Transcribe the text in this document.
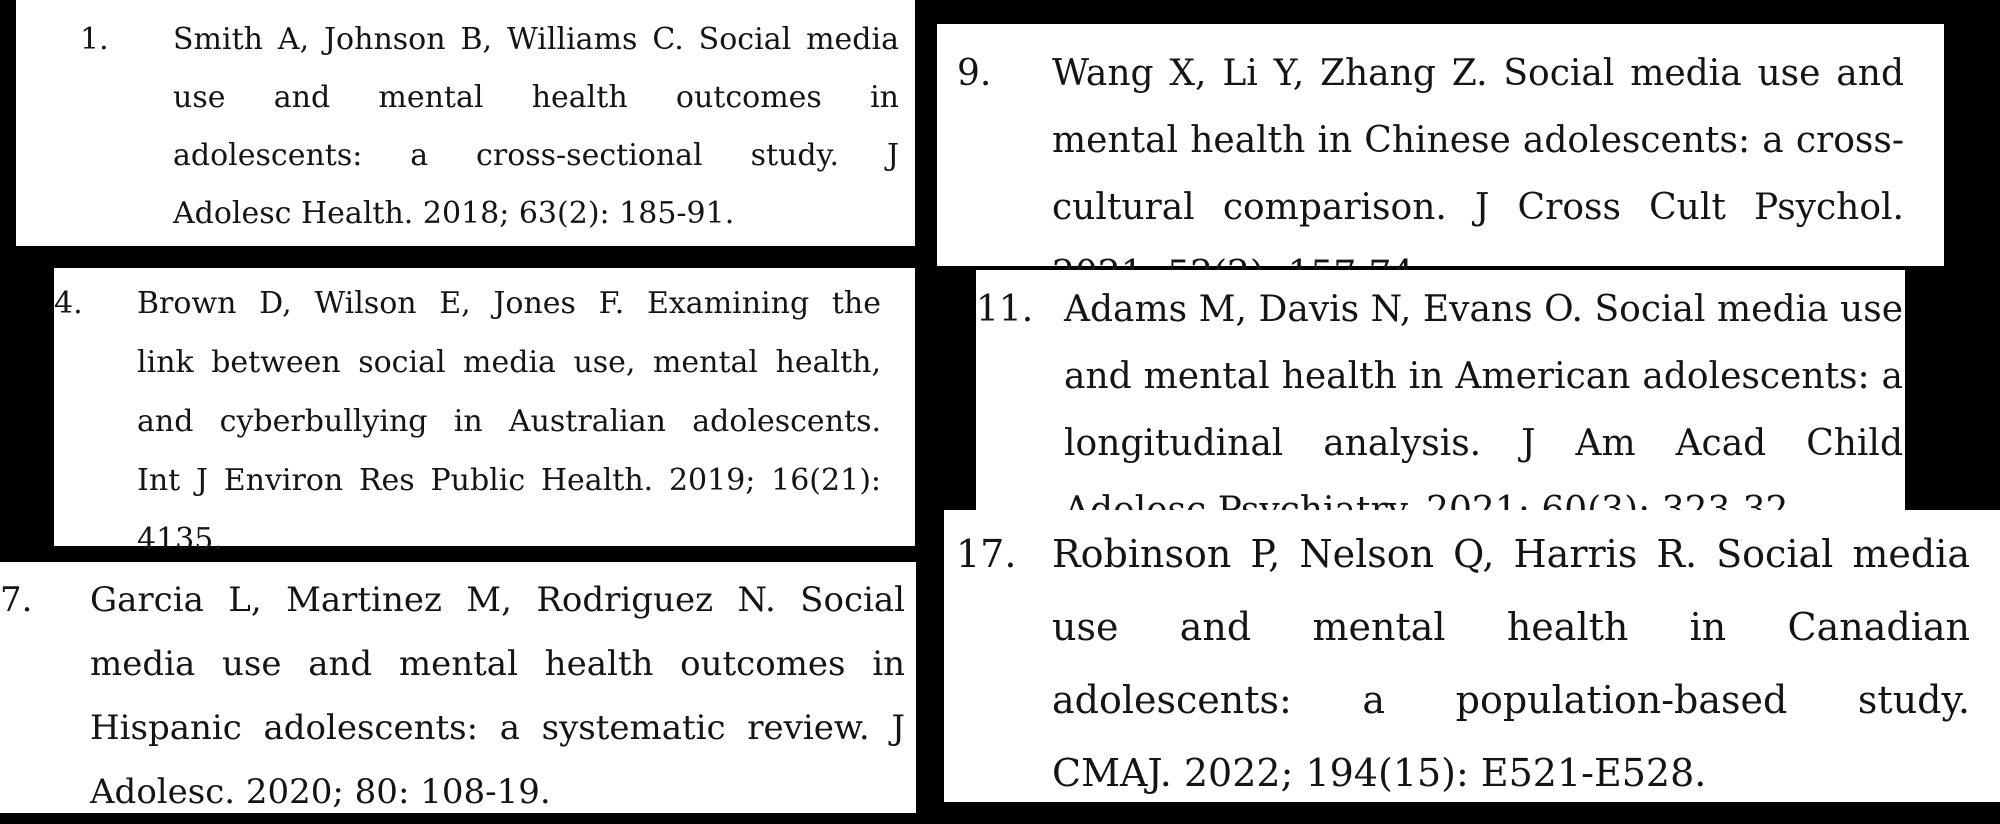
1.	Smith A, Johnson B, Williams C. Social media
use and mental health outcomes in
adolescents: a cross-sectional study. J
Adolesc Health. 2018; 63(2): 185-91.
9.	Wang X, Li Y, Zhang Z. Social media use and
mental health in Chinese adolescents: a cross-
cultural comparison. J Cross Cult Psychol.
4.	Brown D, Wilson E, Jones F. Examining the
link between social media use, mental health,
and cyberbullying in Australian adolescents.
Int J Environ Res Public Health. 2019; 16(21):
4135.
11. Adams M, Davis N, Evans O. Social media use
and mental health in American adolescents: a
longitudinal analysis. J Am Acad Child
17. Robinson P, Nelson Q, Harris R. Social media
use and mental health in Canadian
adolescents: a population-based study.
CMAJ. 2022; 194(15): E521-E528.
7.	Garcia L, Martinez M, Rodriguez N. Social
media use and mental health outcomes in
Hispanic adolescents: a systematic review. J
Adolesc. 2020; 80: 108-19.
